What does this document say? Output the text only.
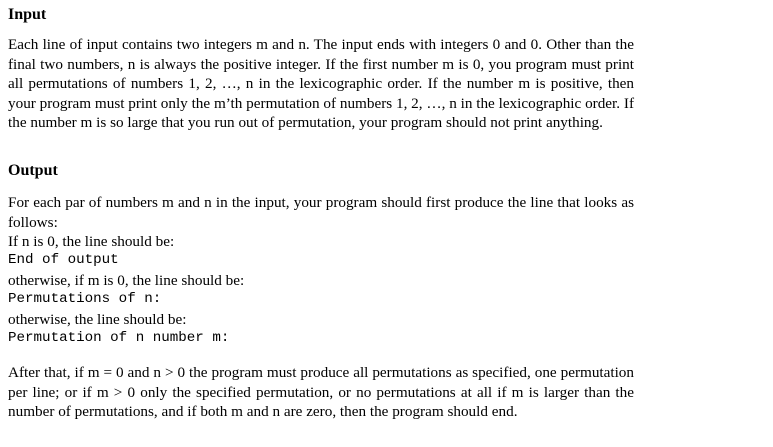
Input
Each line of input contains two integers m and n. The input ends with integers 0 and 0. Other than the final two numbers, n is always the positive integer. If the first number m is 0, you program must print all permutations of numbers 1, 2, …, n in the lexicographic order. If the number m is positive, then your program must print only the m’th permutation of numbers 1, 2, …, n in the lexicographic order. If the number m is so large that you run out of permutation, your program should not print anything.
Output
For each par of numbers m and n in the input, your program should first produce the line that looks as follows:
If n is 0, the line should be:
End of output
otherwise, if m is 0, the line should be:
Permutations of n:
otherwise, the line should be:
Permutation of n number m:
After that, if m = 0 and n > 0 the program must produce all permutations as specified, one permutation per line; or if m > 0 only the specified permutation, or no permutations at all if m is larger than the number of permutations, and if both m and n are zero, then the program should end.
